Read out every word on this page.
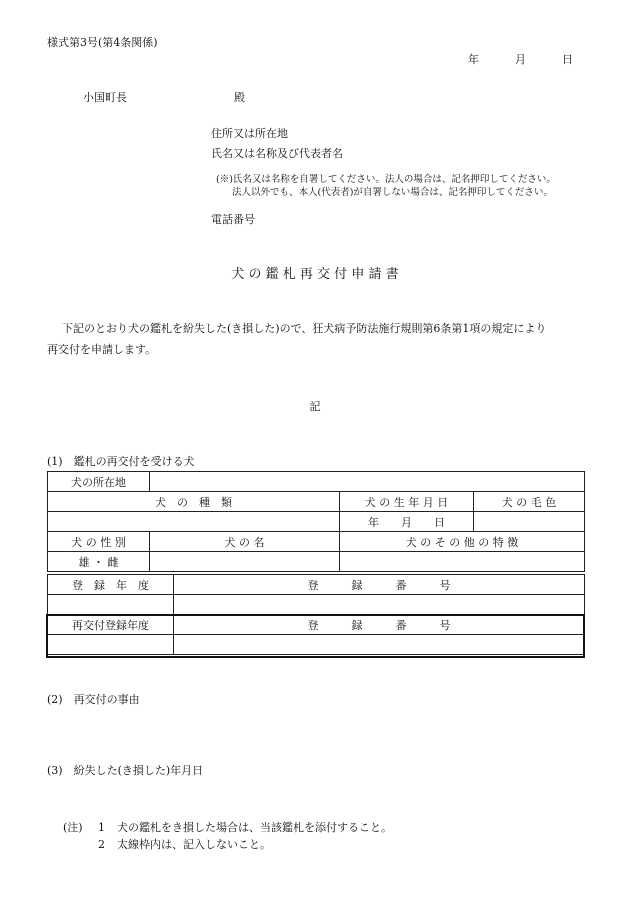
様式第3号(第4条関係)
年	月	日
小国町長	殿
住所又は所在地
氏名又は名称及び代表者名
(※)氏名又は名称を自署してください。法人の場合は、記名押印してください。
法人以外でも、本人(代表者)が自署しない場合は、記名押印してください。
電話番号
犬 の 鑑 札 再 交 付 申 請 書
下記のとおり犬の鑑札を紛失した(き損した)ので、狂犬病予防法施行規則第6条第1項の規定により
再交付を申請します。
記
(1)　鑑札の再交付を受ける犬
犬の所在地			
犬　の　種　類		犬 の 生 年 月 日	犬 の 毛 色
		年　　月　　日	
犬 の 性 別	犬 の 名	犬 の そ の 他 の 特 徴	
雄 ・ 雌			
登　録　年　度	登　　　録　　　番　　　号

再交付登録年度	登　　　録　　　番　　　号

(2)　再交付の事由
(3)　紛失した(き損した)年月日
(注) 1 犬の鑑札をき損した場合は、当該鑑札を添付すること。
2 太線枠内は、記入しないこと。
